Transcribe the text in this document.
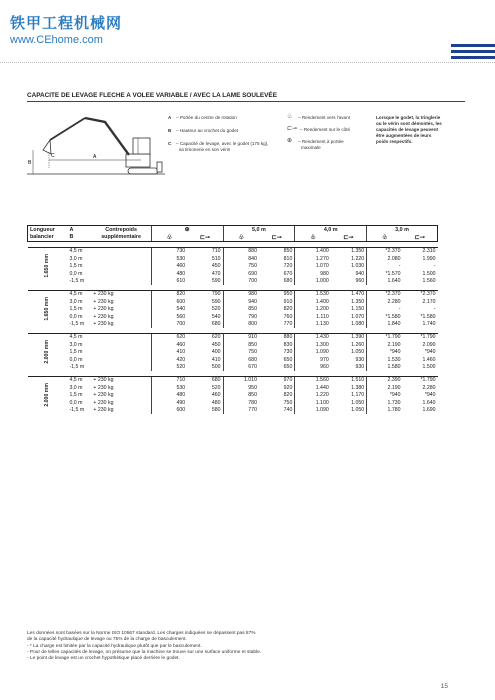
铁甲工程机械网
www.CEhome.com
CAPACITE DE LEVAGE FLECHE A VOLEE VARIABLE / AVEC LA LAME SOULEVÉE
A
B
C
A – Portée du centre de rotation
B – Hauteur au crochet du godet
C – Capacité de levage, avec le godet (175 kg),
sa timonerie en son vérin
♧ – Rendement vers l'avant
⊏⊸ – Rendement sur le côté
⊕ – Rendement à portée
maximale
Lorsque le godet, la tringlerie
ou le vérin sont démontés, les
capacités de levage peuvent
être augmentées de leurs
poids respectifs.
Longueur	A	Contrepoids	⊕		5,0 m		4,0 m		3,0 m	
balancier	B	supplémentaire	♧	⊏⊸	♧	⊏⊸	♧	⊏⊸	♧	⊏⊸

1.650 mm	4,5 m		730	710	880	850	1.400	1.350	*2.370	2.310
	3,0 m		530	510	840	810	1.270	1.220	2.080	1.990
	1,5 m		460	450	750	720	1.070	1.030	-	-
	0,0 m		480	470	690	670	980	940	*1.570	1.500
	-1,5 m		610	590	700	680	1.000	960	1.640	1.560

1.650 mm	4,5 m	+ 230 kg	820	790	980	950	1.530	1.470	*2.370	*2.370
	3,0 m	+ 230 kg	600	590	940	910	1.400	1.350	2.280	2.170
	1,5 m	+ 230 kg	540	520	850	820	1.200	1.150	-	-
	0,0 m	+ 230 kg	560	540	790	760	1.110	1.070	*1.580	*1.580
	-1,5 m	+ 230 kg	700	680	800	770	1.130	1.080	1.840	1.740

2.000 mm	4,5 m		620	620	910	880	1.430	1.390	*1.790	*1.790
	3,0 m		460	450	850	830	1.300	1.260	2.190	2.090
	1,5 m		410	400	750	730	1.090	1.050	*940	*940
	0,0 m		420	410	680	650	970	930	1.530	1.460
	-1,5 m		520	500	670	650	960	930	1.580	1.500

2.000 mm	4,5 m	+ 230 kg	710	680	1.010	970	1.560	1.510	2.390	*1.790
	3,0 m	+ 230 kg	530	520	950	920	1.440	1.380	2.190	2.280
	1,5 m	+ 230 kg	480	460	850	820	1.220	1.170	*940	*940
	0,0 m	+ 230 kg	490	480	780	750	1.100	1.050	1.730	1.640
	-1,5 m	+ 230 kg	600	580	770	740	1.090	1.050	1.780	1.690
Les données sont basées sur la Norme ISO 10567 standard. Les charges indiquées ne dépassent pas 87%
de la capacité hydraulique de levage ou 75% de la charge de basculement.
- * La charge est limitée par la capacité hydraulique plutôt que par le basculement.
- Pour de telles capacités de levage, on présume que la machine se trouve sur une surface uniforme et stable.
- Le point de levage est un crochet hypothétique placé derrière le godet.
15
